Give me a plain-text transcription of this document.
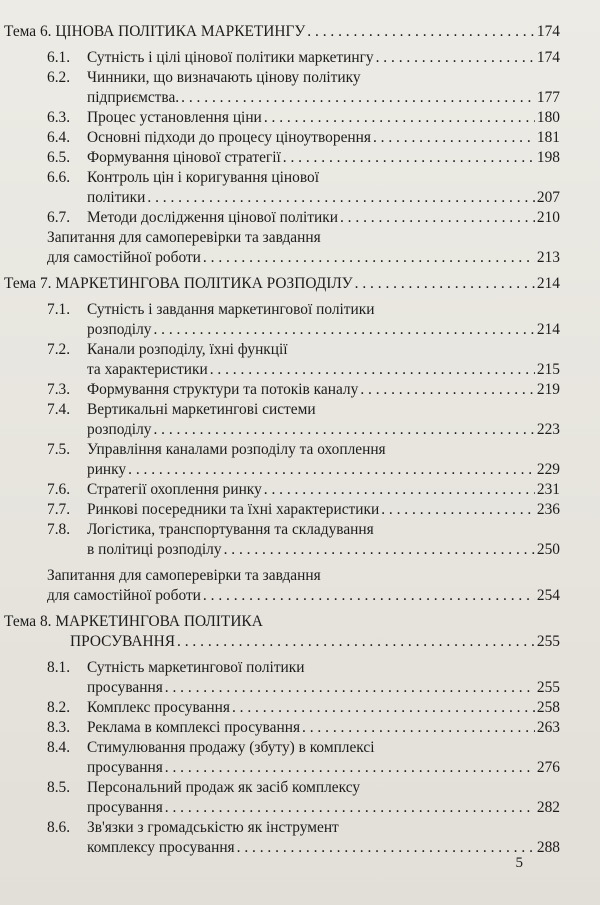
Тема 6. ЦІНОВА ПОЛІТИКА МАРКЕТИНГУ . . .	174
6.1.	Сутність і цілі цінової політики маркетингу . . .	174
6.2.	Чинники, що визначають цінову політику
підприємства. . . .	177
6.3.	Процес установлення ціни . . .	180
6.4.	Основні підходи до процесу ціноутворення . . .	181
6.5.	Формування цінової стратегії . . .	198
6.6.	Контроль цін і коригування цінової
політики . . .	207
6.7.	Методи дослідження цінової політики . . .	210
Запитання для самоперевірки та завдання
для самостійної роботи . . .	213
Тема 7. МАРКЕТИНГОВА ПОЛІТИКА РОЗПОДІЛУ . . .	214
7.1.	Сутність і завдання маркетингової політики
розподілу . . .	214
7.2.	Канали розподілу, їхні функції
та характеристики . . .	215
7.3.	Формування структури та потоків каналу . . .	219
7.4.	Вертикальні маркетингові системи
розподілу . . .	223
7.5.	Управління каналами розподілу та охоплення
ринку . . .	229
7.6.	Стратегії охоплення ринку . . .	231
7.7.	Ринкові посередники та їхні характеристики . . .	236
7.8.	Логістика, транспортування та складування
в політиці розподілу . . .	250
Запитання для самоперевірки та завдання
для самостійної роботи . . .	254
Тема 8. МАРКЕТИНГОВА ПОЛІТИКА
ПРОСУВАННЯ . . .	255
8.1.	Сутність маркетингової політики
просування . . .	255
8.2.	Комплекс просування . . .	258
8.3.	Реклама в комплексі просування . . .	263
8.4.	Стимулювання продажу (збуту) в комплексі
просування . . .	276
8.5.	Персональний продаж як засіб комплексу
просування . . .	282
8.6.	Зв'язки з громадськістю як інструмент
комплексу просування . . .	288
5
